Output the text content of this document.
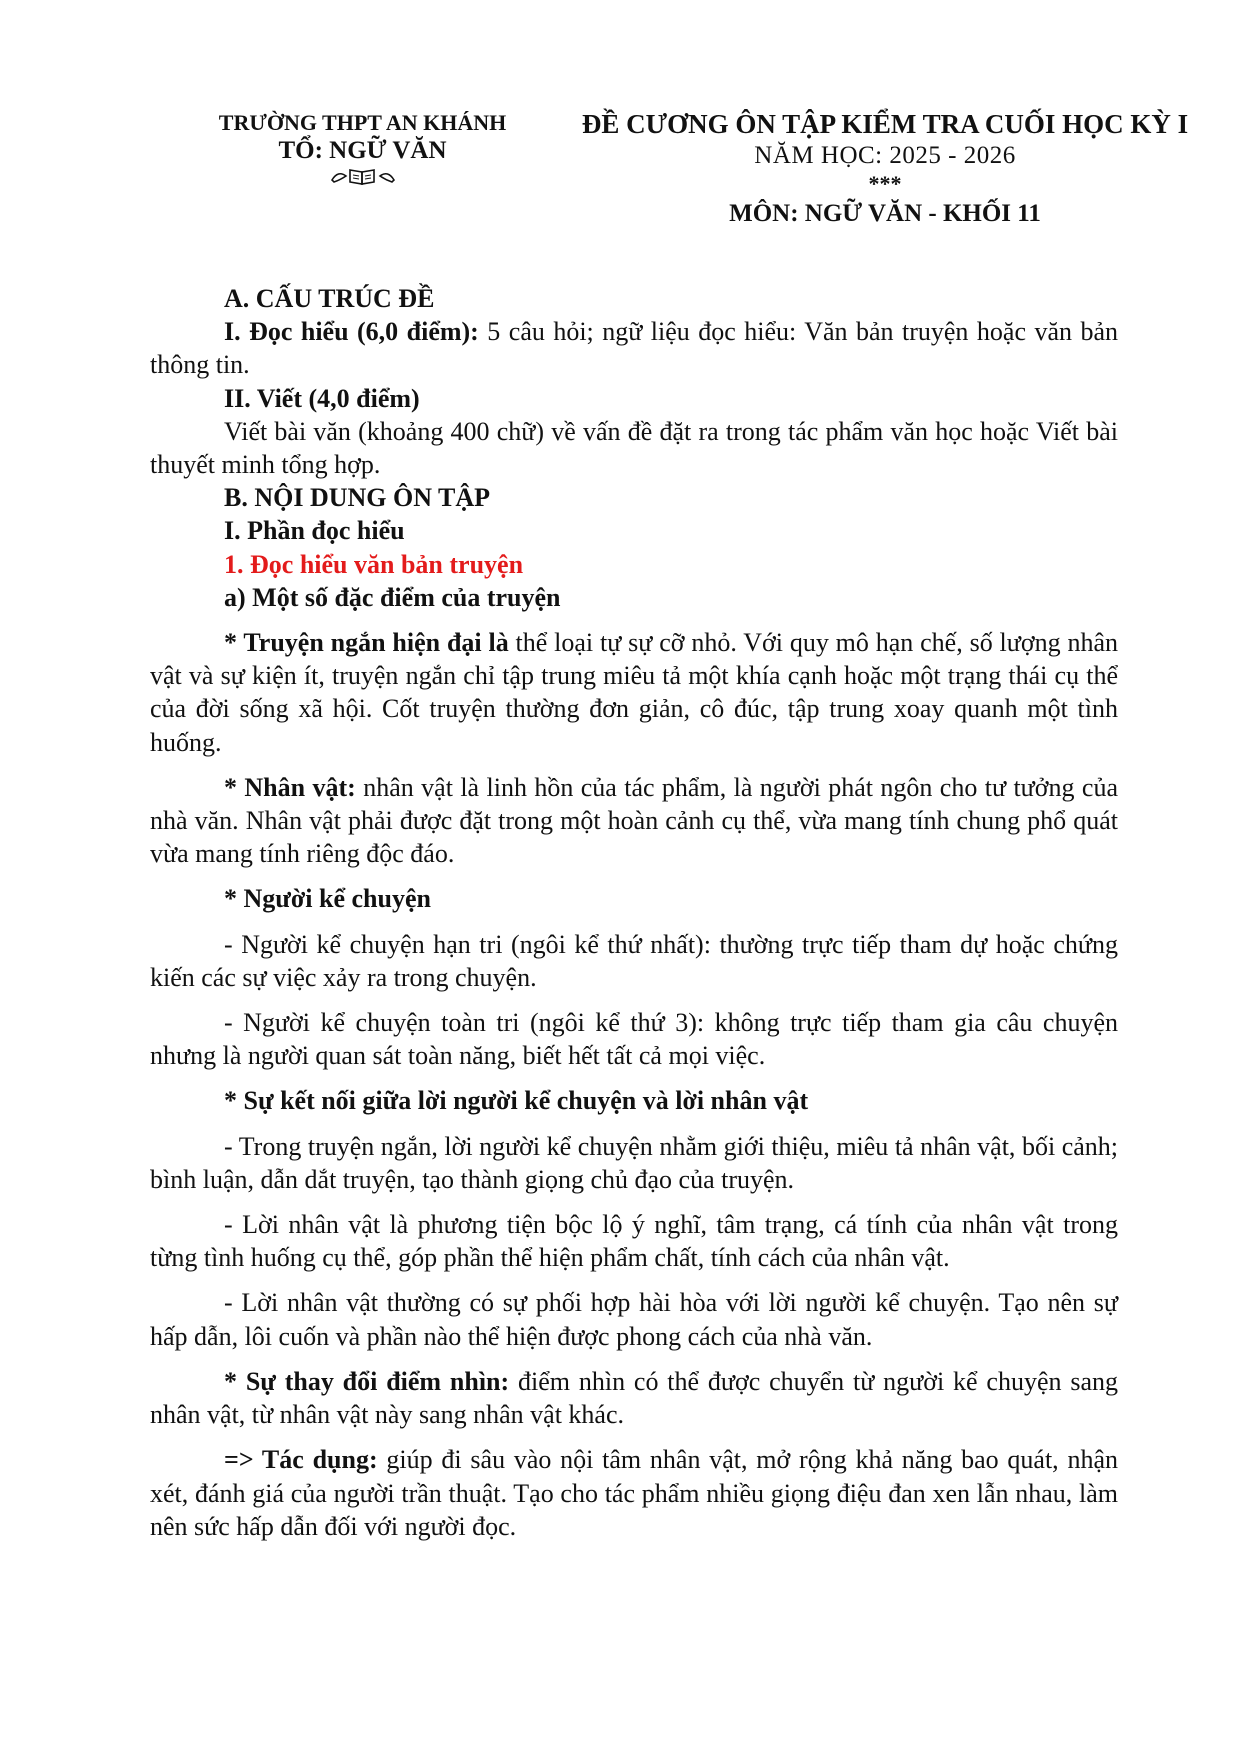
TRƯỜNG THPT AN KHÁNH
TỔ: NGỮ VĂN
ĐỀ CƯƠNG ÔN TẬP KIỂM TRA CUỐI HỌC KỲ I
NĂM HỌC: 2025 - 2026
***
MÔN: NGỮ VĂN - KHỐI 11

A. CẤU TRÚC ĐỀ

I. Đọc hiểu (6,0 điểm): 5 câu hỏi; ngữ liệu đọc hiểu: Văn bản truyện hoặc văn bản thông tin.

II. Viết (4,0 điểm)

Viết bài văn (khoảng 400 chữ) về vấn đề đặt ra trong tác phẩm văn học hoặc Viết bài thuyết minh tổng hợp.

B. NỘI DUNG ÔN TẬP

I. Phần đọc hiểu

1. Đọc hiểu văn bản truyện

a) Một số đặc điểm của truyện

* Truyện ngắn hiện đại là thể loại tự sự cỡ nhỏ. Với quy mô hạn chế, số lượng nhân vật và sự kiện ít, truyện ngắn chỉ tập trung miêu tả một khía cạnh hoặc một trạng thái cụ thể của đời sống xã hội. Cốt truyện thường đơn giản, cô đúc, tập trung xoay quanh một tình huống.

* Nhân vật: nhân vật là linh hồn của tác phẩm, là người phát ngôn cho tư tưởng của nhà văn. Nhân vật phải được đặt trong một hoàn cảnh cụ thể, vừa mang tính chung phổ quát vừa mang tính riêng độc đáo.

* Người kể chuyện

- Người kể chuyện hạn tri (ngôi kể thứ nhất): thường trực tiếp tham dự hoặc chứng kiến các sự việc xảy ra trong chuyện.

- Người kể chuyện toàn tri (ngôi kể thứ 3): không trực tiếp tham gia câu chuyện nhưng là người quan sát toàn năng, biết hết tất cả mọi việc.

* Sự kết nối giữa lời người kể chuyện và lời nhân vật

- Trong truyện ngắn, lời người kể chuyện nhằm giới thiệu, miêu tả nhân vật, bối cảnh; bình luận, dẫn dắt truyện, tạo thành giọng chủ đạo của truyện.

- Lời nhân vật là phương tiện bộc lộ ý nghĩ, tâm trạng, cá tính của nhân vật trong từng tình huống cụ thể, góp phần thể hiện phẩm chất, tính cách của nhân vật.

- Lời nhân vật thường có sự phối hợp hài hòa với lời người kể chuyện. Tạo nên sự hấp dẫn, lôi cuốn và phần nào thể hiện được phong cách của nhà văn.

* Sự thay đổi điểm nhìn: điểm nhìn có thể được chuyển từ người kể chuyện sang nhân vật, từ nhân vật này sang nhân vật khác.

=> Tác dụng: giúp đi sâu vào nội tâm nhân vật, mở rộng khả năng bao quát, nhận xét, đánh giá của người trần thuật. Tạo cho tác phẩm nhiều giọng điệu đan xen lẫn nhau, làm nên sức hấp dẫn đối với người đọc.
